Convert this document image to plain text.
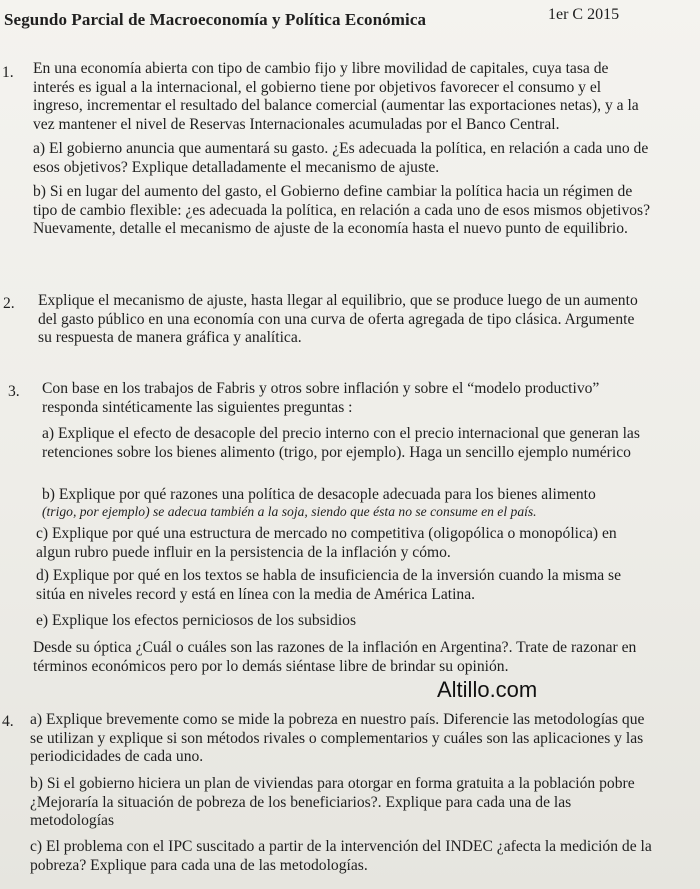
Segundo Parcial de Macroeconomía y Política Económica	1er C 2015
1. En una economía abierta con tipo de cambio fijo y libre movilidad de capitales, cuya tasa de interés es igual a la internacional, el gobierno tiene por objetivos favorecer el consumo y el ingreso, incrementar el resultado del balance comercial (aumentar las exportaciones netas), y a la vez mantener el nivel de Reservas Internacionales acumuladas por el Banco Central.

a) El gobierno anuncia que aumentará su gasto. ¿Es adecuada la política, en relación a cada uno de esos objetivos? Explique detalladamente el mecanismo de ajuste.

b) Si en lugar del aumento del gasto, el Gobierno define cambiar la política hacia un régimen de tipo de cambio flexible: ¿es adecuada la política, en relación a cada uno de esos mismos objetivos? Nuevamente, detalle el mecanismo de ajuste de la economía hasta el nuevo punto de equilibrio.

2. Explique el mecanismo de ajuste, hasta llegar al equilibrio, que se produce luego de un aumento del gasto público en una economía con una curva de oferta agregada de tipo clásica. Argumente su respuesta de manera gráfica y analítica.

3. Con base en los trabajos de Fabris y otros sobre inflación y sobre el “modelo productivo” responda sintéticamente las siguientes preguntas :

a) Explique el efecto de desacople del precio interno con el precio internacional que generan las retenciones sobre los bienes alimento (trigo, por ejemplo). Haga un sencillo ejemplo numérico

b) Explique por qué razones una política de desacople adecuada para los bienes alimento

(trigo, por ejemplo) se adecua también a la soja, siendo que ésta no se consume en el país.

c) Explique por qué una estructura de mercado no competitiva (oligopólica o monopólica) en algun rubro puede influir en la persistencia de la inflación y cómo.

d) Explique por qué en los textos se habla de insuficiencia de la inversión cuando la misma se sitúa en niveles record y está en línea con la media de América Latina.

e) Explique los efectos perniciosos de los subsidios

Desde su óptica ¿Cuál o cuáles son las razones de la inflación en Argentina?. Trate de razonar en términos económicos pero por lo demás siéntase libre de brindar su opinión.

Altillo.com
4. a) Explique brevemente como se mide la pobreza en nuestro país. Diferencie las metodologías que se utilizan y explique si son métodos rivales o complementarios y cuáles son las aplicaciones y las periodicidades de cada uno.

b) Si el gobierno hiciera un plan de viviendas para otorgar en forma gratuita a la población pobre ¿Mejoraría la situación de pobreza de los beneficiarios?. Explique para cada una de las metodologías

c) El problema con el IPC suscitado a partir de la intervención del INDEC ¿afecta la medición de la pobreza? Explique para cada una de las metodologías.
